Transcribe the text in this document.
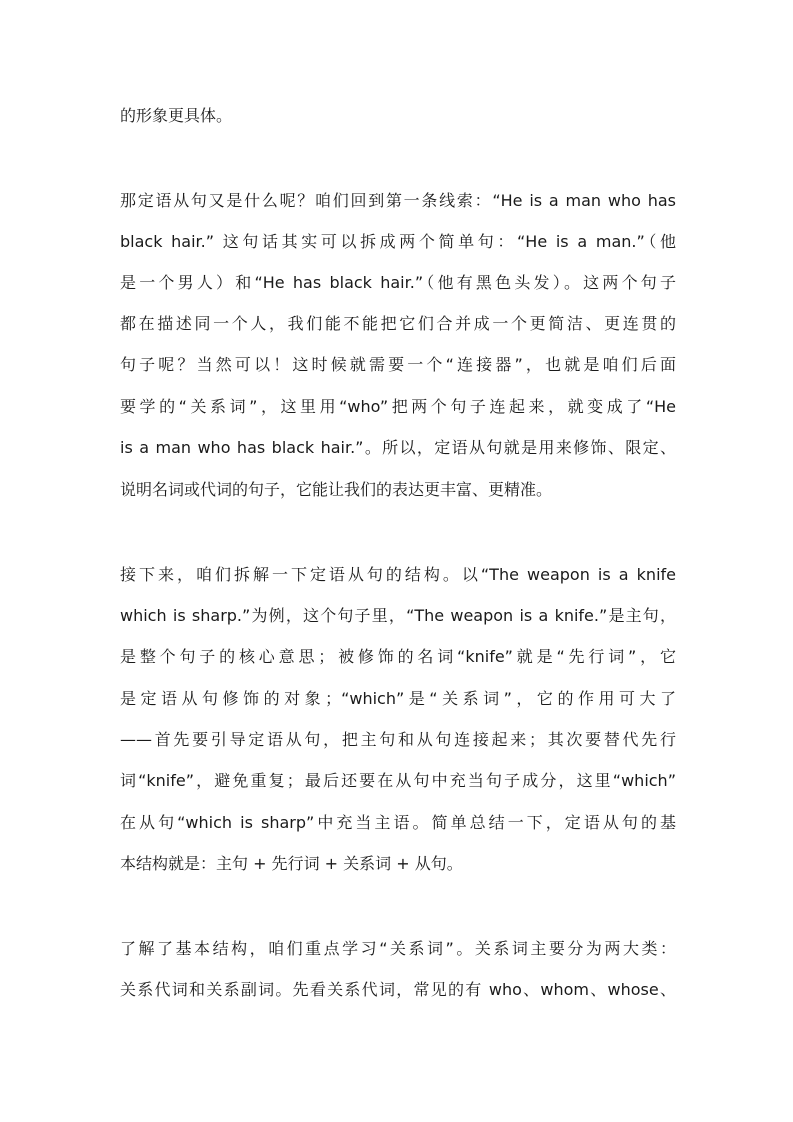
的形象更具体。
那定语从句又是什么呢？咱们回到第一条线索：“He is a man who has
black hair.” 这句话其实可以拆成两个简单句：“He is a man.”（他
是一个男人）和“He has black hair.”（他有黑色头发）。这两个句子
都在描述同一个人，我们能不能把它们合并成一个更简洁、更连贯的
句子呢？当然可以！这时候就需要一个“连接器”，也就是咱们后面
要学的“关系词”，这里用“who”把两个句子连起来，就变成了“He
is a man who has black hair.”。所以，定语从句就是用来修饰、限定、
说明名词或代词的句子，它能让我们的表达更丰富、更精准。
接下来，咱们拆解一下定语从句的结构。以“The weapon is a knife
which is sharp.”为例，这个句子里，“The weapon is a knife.”是主句，
是整个句子的核心意思；被修饰的名词“knife”就是“先行词”，它
是定语从句修饰的对象；“which”是“关系词”，它的作用可大了
——首先要引导定语从句，把主句和从句连接起来；其次要替代先行
词“knife”，避免重复；最后还要在从句中充当句子成分，这里“which”
在从句“which is sharp”中充当主语。简单总结一下，定语从句的基
本结构就是：主句 + 先行词 + 关系词 + 从句。
了解了基本结构，咱们重点学习“关系词”。关系词主要分为两大类：
关系代词和关系副词。先看关系代词，常见的有 who、whom、whose、
